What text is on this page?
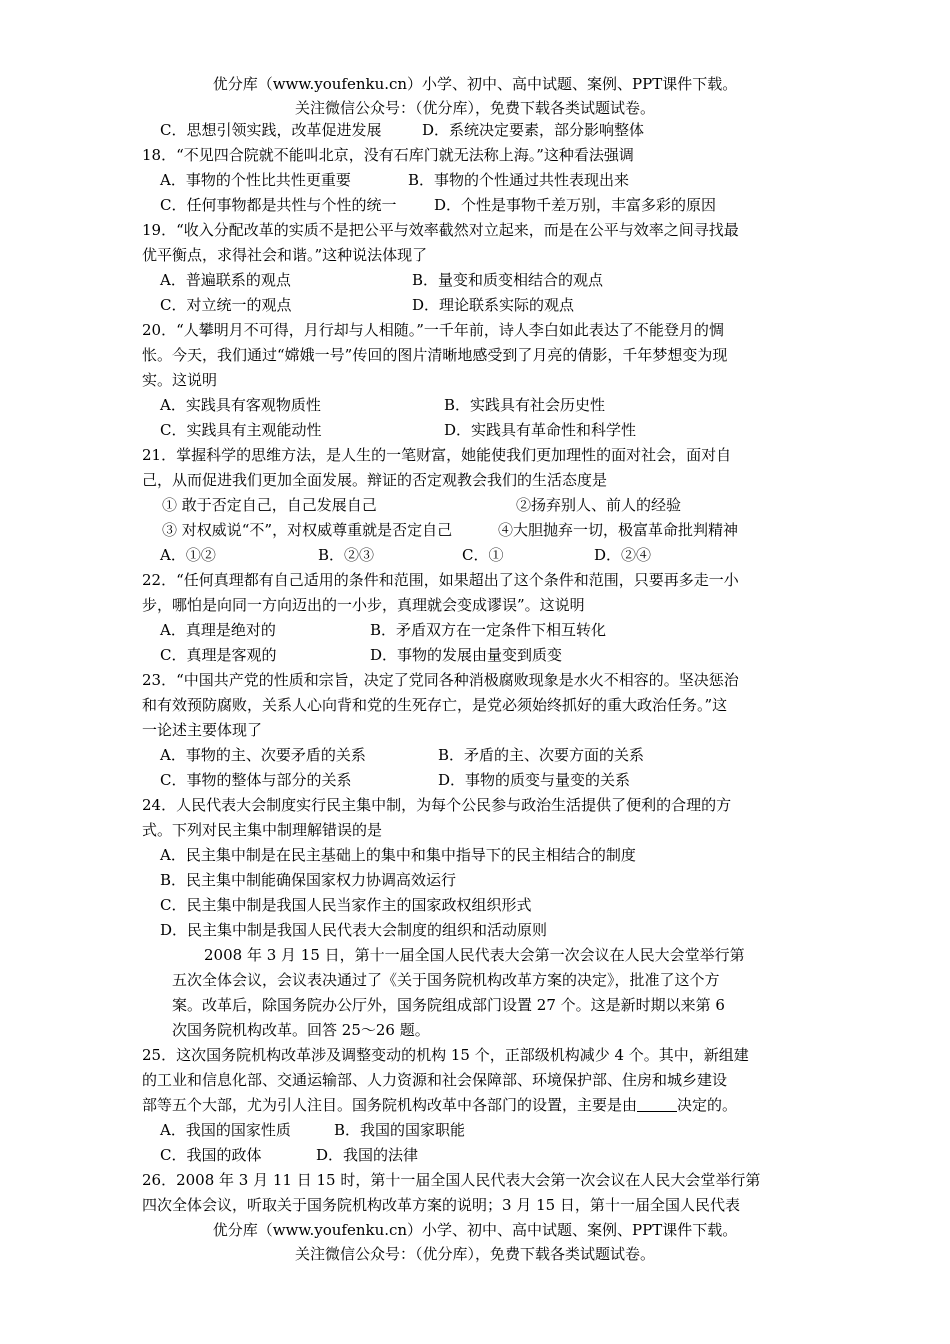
优分库（www.youfenku.cn）小学、初中、高中试题、案例、PPT课件下载。
关注微信公众号：（优分库），免费下载各类试题试卷。
C．思想引领实践，改革促进发展	D．系统决定要素，部分影响整体
18．“不见四合院就不能叫北京，没有石库门就无法称上海。”这种看法强调
A．事物的个性比共性更重要	B．事物的个性通过共性表现出来
C．任何事物都是共性与个性的统一	D．个性是事物千差万别，丰富多彩的原因
19．“收入分配改革的实质不是把公平与效率截然对立起来，而是在公平与效率之间寻找最
优平衡点，求得社会和谐。”这种说法体现了
A．普遍联系的观点	B．量变和质变相结合的观点
C．对立统一的观点	D．理论联系实际的观点
20．“人攀明月不可得，月行却与人相随。”一千年前，诗人李白如此表达了不能登月的惆
怅。今天，我们通过“嫦娥一号”传回的图片清晰地感受到了月亮的倩影，千年梦想变为现
实。这说明
A．实践具有客观物质性	B．实践具有社会历史性
C．实践具有主观能动性	D．实践具有革命性和科学性
21．掌握科学的思维方法，是人生的一笔财富，她能使我们更加理性的面对社会，面对自
己，从而促进我们更加全面发展。辩证的否定观教会我们的生活态度是
① 敢于否定自己，自己发展自己	②扬弃别人、前人的经验
③ 对权威说“不”，对权威尊重就是否定自己	④大胆抛弃一切，极富革命批判精神
A．①②	B．②③	C．①	D．②④
22．“任何真理都有自己适用的条件和范围，如果超出了这个条件和范围，只要再多走一小
步，哪怕是向同一方向迈出的一小步，真理就会变成谬误”。这说明
A．真理是绝对的	B．矛盾双方在一定条件下相互转化
C．真理是客观的	D．事物的发展由量变到质变
23．“中国共产党的性质和宗旨，决定了党同各种消极腐败现象是水火不相容的。坚决惩治
和有效预防腐败，关系人心向背和党的生死存亡，是党必须始终抓好的重大政治任务。”这
一论述主要体现了
A．事物的主、次要矛盾的关系	B．矛盾的主、次要方面的关系
C．事物的整体与部分的关系	D．事物的质变与量变的关系
24．人民代表大会制度实行民主集中制，为每个公民参与政治生活提供了便利的合理的方
式。下列对民主集中制理解错误的是
A．民主集中制是在民主基础上的集中和集中指导下的民主相结合的制度
B．民主集中制能确保国家权力协调高效运行
C．民主集中制是我国人民当家作主的国家政权组织形式
D．民主集中制是我国人民代表大会制度的组织和活动原则
2008 年 3 月 15 日，第十一届全国人民代表大会第一次会议在人民大会堂举行第
五次全体会议，会议表决通过了《关于国务院机构改革方案的决定》，批准了这个方
案。改革后，除国务院办公厅外，国务院组成部门设置 27 个。这是新时期以来第 6
次国务院机构改革。回答 25～26 题。
25．这次国务院机构改革涉及调整变动的机构 15 个，正部级机构减少 4 个。其中，新组建
的工业和信息化部、交通运输部、人力资源和社会保障部、环境保护部、住房和城乡建设
部等五个大部，尤为引人注目。国务院机构改革中各部门的设置，主要是由	决定的。
A．我国的国家性质	B．我国的国家职能
C．我国的政体	D．我国的法律
26．2008 年 3 月 11 日 15 时，第十一届全国人民代表大会第一次会议在人民大会堂举行第
四次全体会议，听取关于国务院机构改革方案的说明；3 月 15 日，第十一届全国人民代表
优分库（www.youfenku.cn）小学、初中、高中试题、案例、PPT课件下载。
关注微信公众号：（优分库），免费下载各类试题试卷。
